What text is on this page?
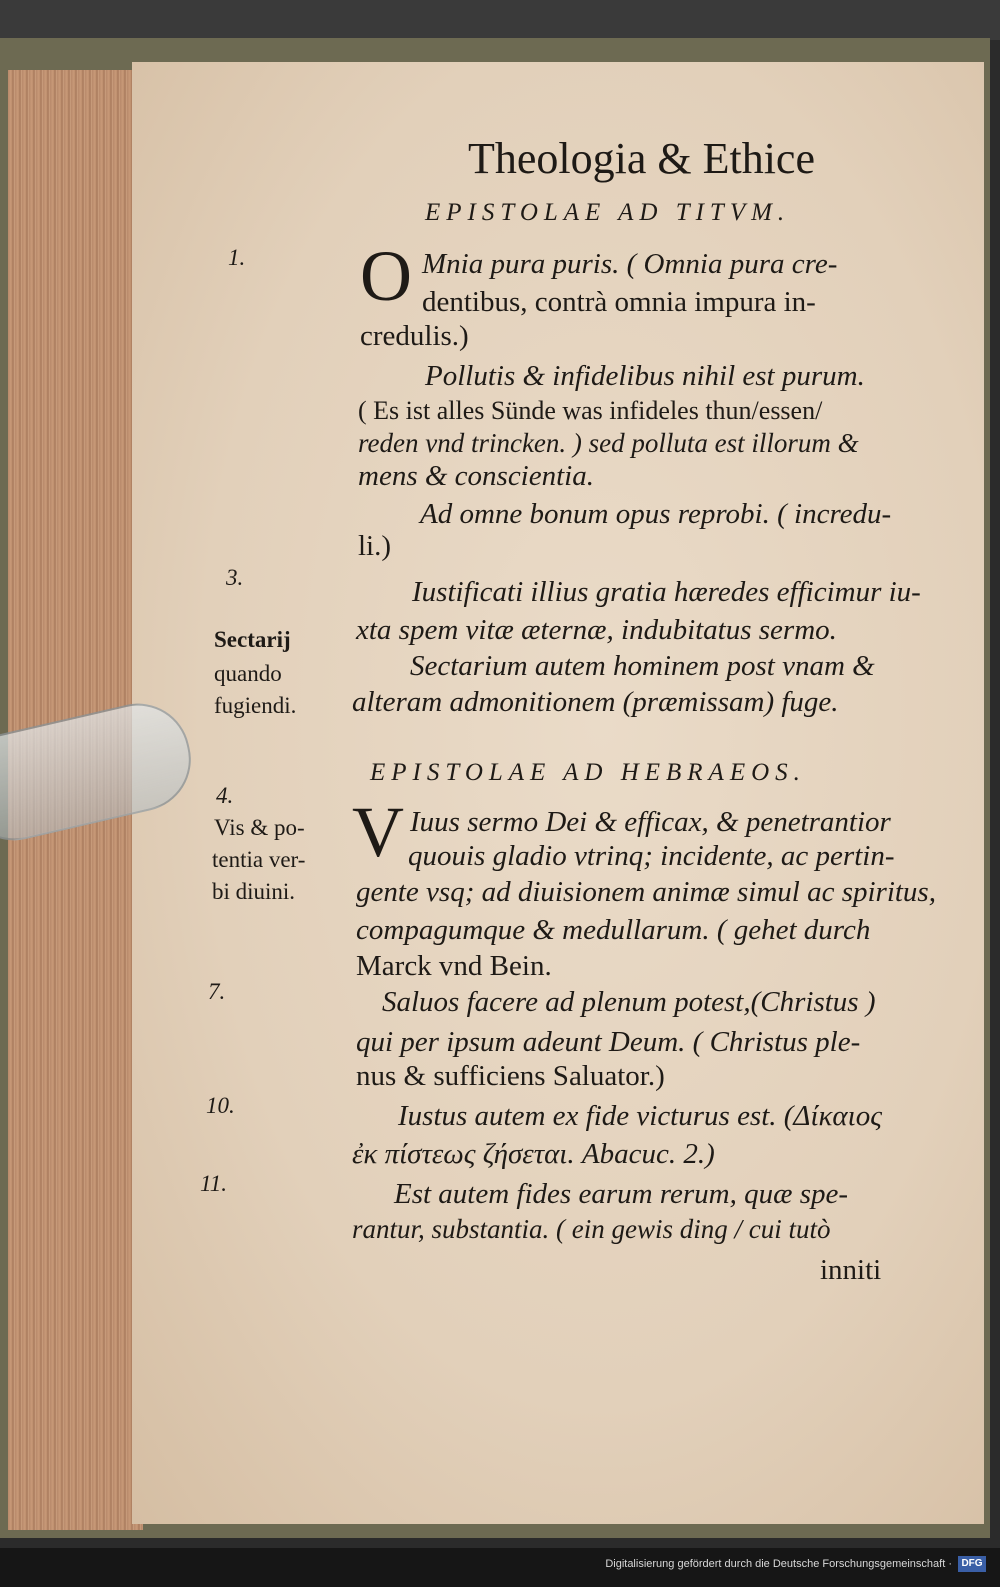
Theologia & Ethice
EPISTOLAE AD TITVM.
O Mnia pura puris. ( Omnia pura cre-
dentibus, contrà omnia impura in-
credulis.)
Pollutis & infidelibus nihil est purum.
( Es ist alles Sünde was infideles thun/essen/
reden vnd trincken. ) sed polluta est illorum &
mens & conscientia.
Ad omne bonum opus reprobi. ( incredu-
li.)
Iustificati illius gratia hæredes efficimur iu-
xta spem vitæ æternæ, indubitatus sermo.
Sectarium autem hominem post vnam &
alteram admonitionem (præmissam) fuge.
EPISTOLAE AD HEBRAEOS.
V Iuus sermo Dei & efficax, & penetrantior
quouis gladio vtrinq; incidente, ac pertin-
gente vsq; ad diuisionem animæ simul ac spiritus,
compagumque & medullarum. ( gehet durch
Marck vnd Bein.
Saluos facere ad plenum potest,(Christus )
qui per ipsum adeunt Deum. ( Christus ple-
nus & sufficiens Saluator.)
Iustus autem ex fide victurus est. (Δίκαιος
ἐκ πίστεως ζήσεται. Abacuc. 2.)
Est autem fides earum rerum, quæ spe-
rantur, substantia. ( ein gewis ding / cui tutò
inniti
1.
3.
Sectarij
quando
fugiendi.
4.
Vis & po-
tentia ver-
bi diuini.
7.
10.
11.
Digitalisierung gefördert durch die Deutsche Forschungsgemeinschaft · DFG
